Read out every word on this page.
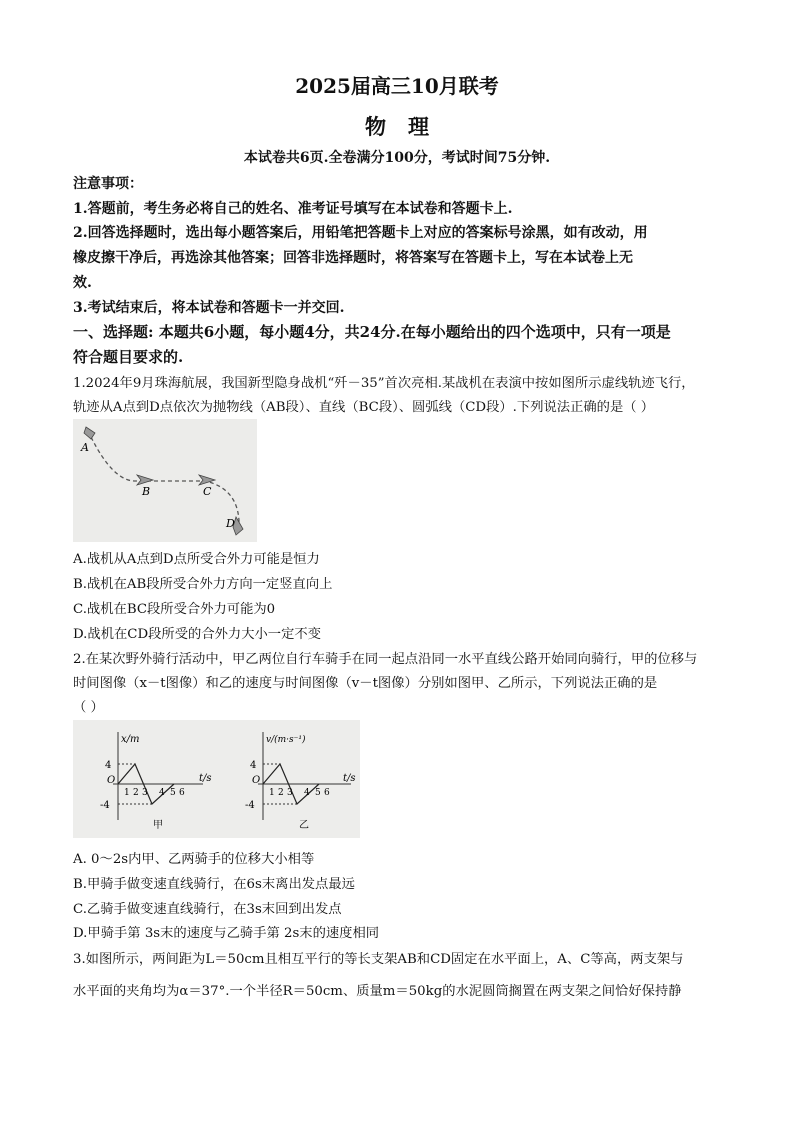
2025届高三10月联考
物理
本试卷共6页.全卷满分100分，考试时间75分钟.
注意事项：
1.答题前，考生务必将自己的姓名、准考证号填写在本试卷和答题卡上.
2.回答选择题时，选出每小题答案后，用铅笔把答题卡上对应的答案标号涂黑，如有改动，用
橡皮擦干净后，再选涂其他答案；回答非选择题时，将答案写在答题卡上，写在本试卷上无
效.
3.考试结束后，将本试卷和答题卡一并交回.
一、选择题: 本题共6小题，每小题4分，共24分.在每小题给出的四个选项中，只有一项是
符合题目要求的.
1.2024年9月珠海航展，我国新型隐身战机“歼－35”首次亮相.某战机在表演中按如图所示虚线轨迹飞行，
轨迹从A点到D点依次为抛物线（AB段）、直线（BC段）、圆弧线（CD段）.下列说法正确的是（ ）
A
B	C
D
A.战机从A点到D点所受合外力可能是恒力
B.战机在AB段所受合外力方向一定竖直向上
C.战机在BC段所受合外力可能为0
D.战机在CD段所受的合外力大小一定不变
2.在某次野外骑行活动中，甲乙两位自行车骑手在同一起点沿同一水平直线公路开始同向骑行，甲的位移与
时间图像（x－t图像）和乙的速度与时间图像（v－t图像）分别如图甲、乙所示，下列说法正确的是
（ ）
x/m
t/s
4
-4
O
1 2 3 4 5 6
甲
v/(m·s⁻¹)
t/s
4
-4
O
1 2 3 4 5 6
乙
A. 0～2s内甲、乙两骑手的位移大小相等
B.甲骑手做变速直线骑行，在6s末离出发点最远
C.乙骑手做变速直线骑行，在3s末回到出发点
D.甲骑手第 3s末的速度与乙骑手第 2s末的速度相同
3.如图所示，两间距为L＝50cm且相互平行的等长支架AB和CD固定在水平面上，A、C等高，两支架与
水平面的夹角均为α＝37°.一个半径R＝50cm、质量m＝50kg的水泥圆筒搁置在两支架之间恰好保持静
